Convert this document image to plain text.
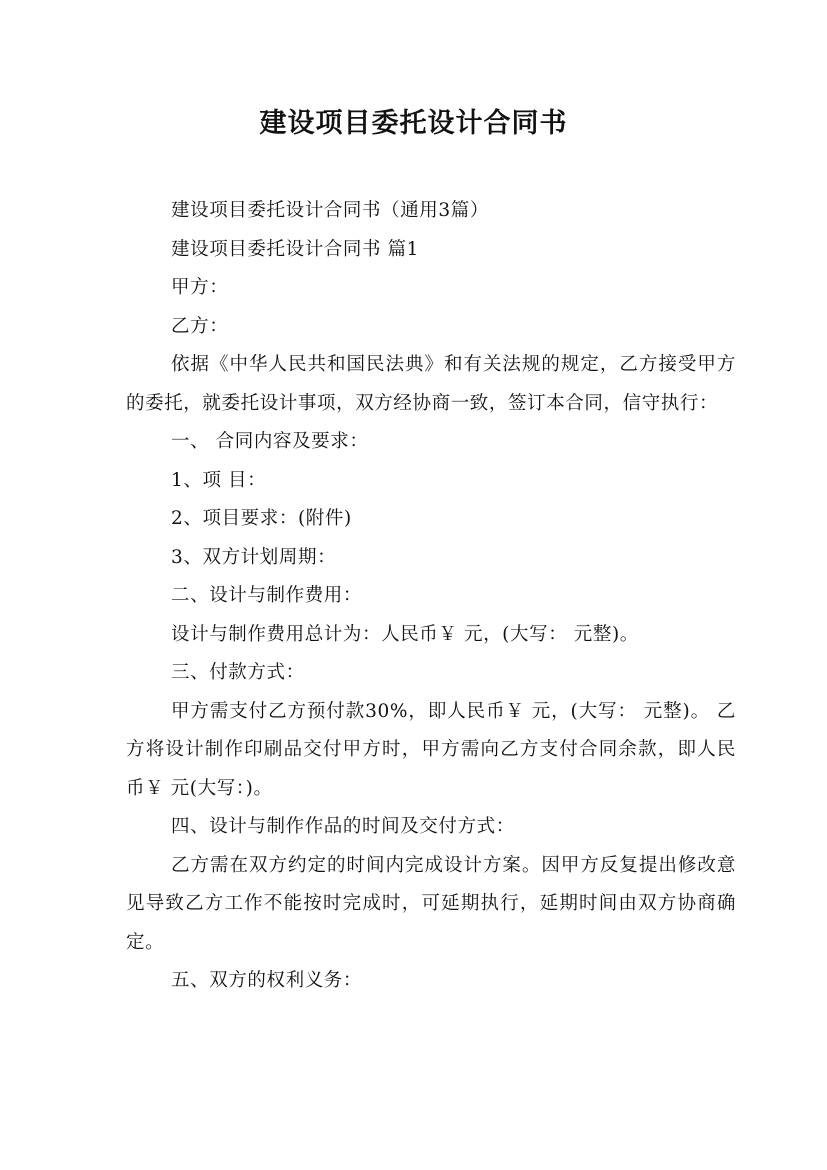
建设项目委托设计合同书

建设项目委托设计合同书（通用3篇）

建设项目委托设计合同书 篇1

甲方：

乙方：

依据《中华人民共和国民法典》和有关法规的规定，乙方接受甲方的委托，就委托设计事项，双方经协商一致，签订本合同，信守执行：

一、 合同内容及要求：

1、项 目：

2、项目要求：(附件)

3、双方计划周期：

二、设计与制作费用：

设计与制作费用总计为：人民币￥ 元，(大写： 元整)。

三、付款方式：

甲方需支付乙方预付款30%，即人民币￥ 元，(大写： 元整)。 乙方将设计制作印刷品交付甲方时，甲方需向乙方支付合同余款，即人民币￥ 元(大写：)。

四、设计与制作作品的时间及交付方式：

乙方需在双方约定的时间内完成设计方案。因甲方反复提出修改意见导致乙方工作不能按时完成时，可延期执行，延期时间由双方协商确定。

五、双方的权利义务：
